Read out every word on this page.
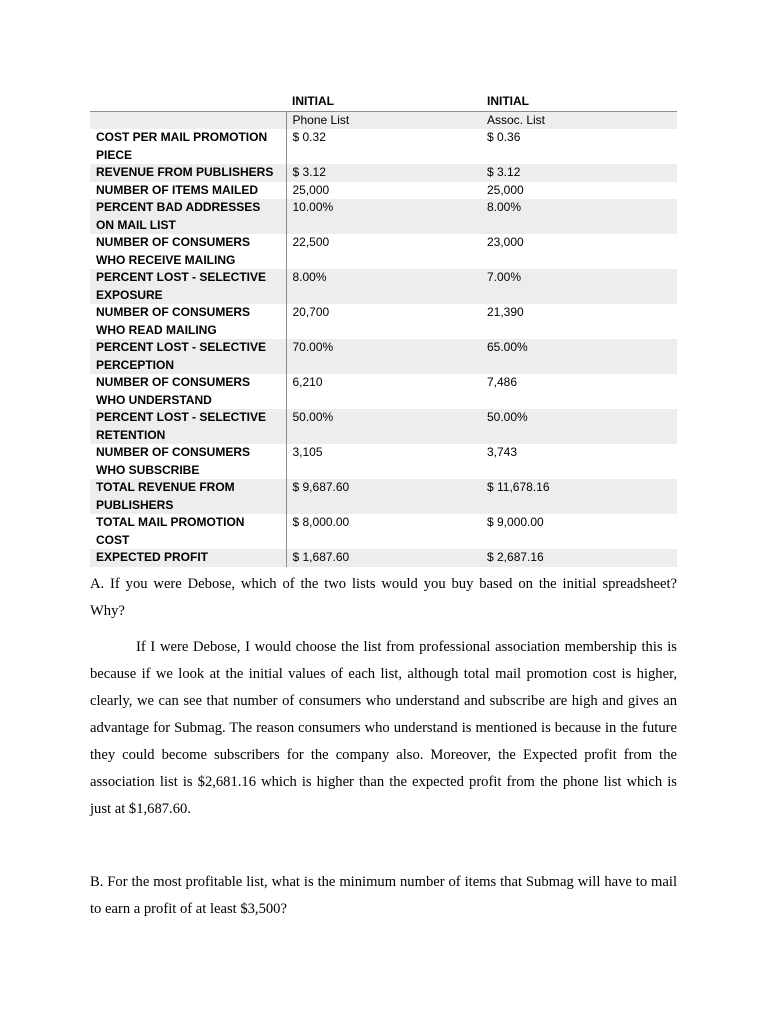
	INITIAL	INITIAL
	Phone List	Assoc. List
COST PER MAIL PROMOTION PIECE	$ 0.32	$ 0.36
REVENUE FROM PUBLISHERS	$ 3.12	$ 3.12
NUMBER OF ITEMS MAILED	25,000	25,000
PERCENT BAD ADDRESSES ON MAIL LIST	10.00%	8.00%
NUMBER OF CONSUMERS WHO RECEIVE MAILING	22,500	23,000
PERCENT LOST - SELECTIVE EXPOSURE	8.00%	7.00%
NUMBER OF CONSUMERS WHO READ MAILING	20,700	21,390
PERCENT LOST - SELECTIVE PERCEPTION	70.00%	65.00%
NUMBER OF CONSUMERS WHO UNDERSTAND	6,210	7,486
PERCENT LOST - SELECTIVE RETENTION	50.00%	50.00%
NUMBER OF CONSUMERS WHO SUBSCRIBE	3,105	3,743
TOTAL REVENUE FROM PUBLISHERS	$ 9,687.60	$ 11,678.16
TOTAL MAIL PROMOTION COST	$ 8,000.00	$ 9,000.00
EXPECTED PROFIT	$ 1,687.60	$ 2,687.16

A. If you were Debose, which of the two lists would you buy based on the initial spreadsheet? Why?

If I were Debose, I would choose the list from professional association membership this is because if we look at the initial values of each list, although total mail promotion cost is higher, clearly, we can see that number of consumers who understand and subscribe are high and gives an advantage for Submag. The reason consumers who understand is mentioned is because in the future they could become subscribers for the company also. Moreover, the Expected profit from the association list is $2,681.16 which is higher than the expected profit from the phone list which is just at $1,687.60.

B. For the most profitable list, what is the minimum number of items that Submag will have to mail to earn a profit of at least $3,500?
